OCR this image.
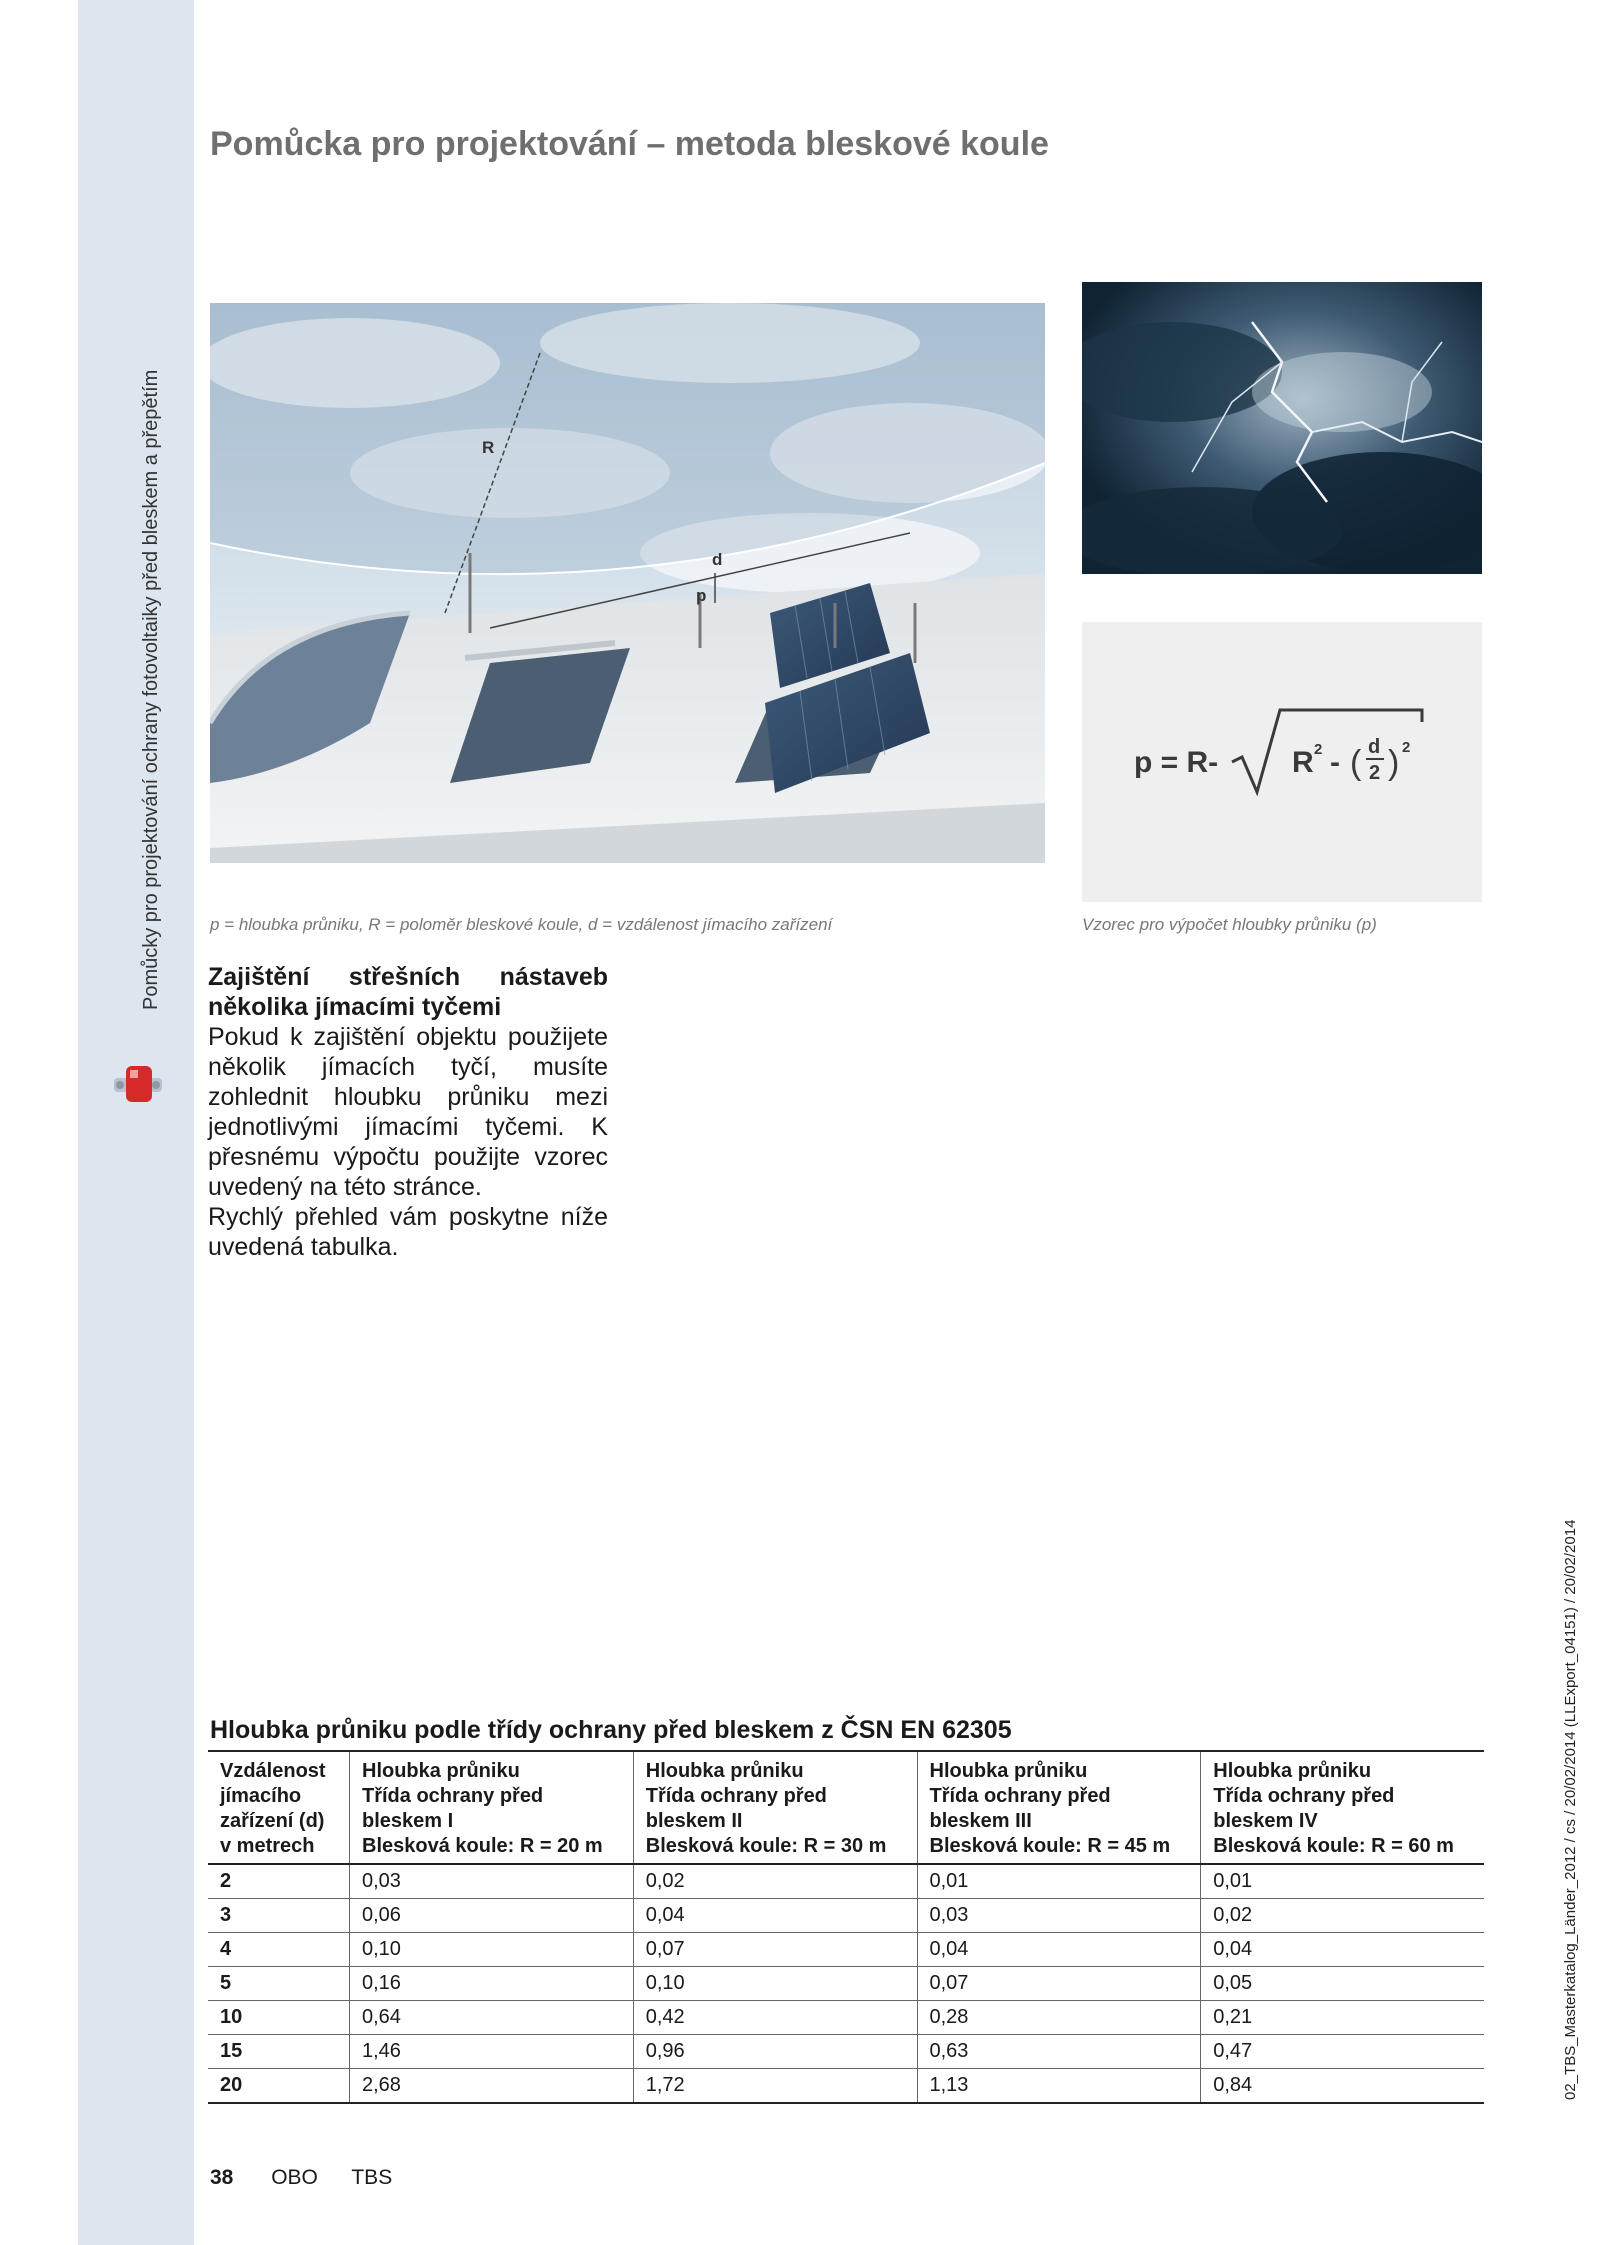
Pomůcky pro projektování ochrany fotovoltaiky před bleskem a přepětím
Pomůcka pro projektování – metoda bleskové koule
R
d
p
p = R- R 2 - ( d
2 ) 2
p = hloubka průniku, R = poloměr bleskové koule, d = vzdálenost jímacího zařízení	Vzorec pro výpočet hloubky průniku (p)

Zajištění střešních nástaveb několika jímacími tyčemi

Pokud k zajištění objektu použijete několik jímacích tyčí, musíte zohlednit hloubku průniku mezi jednotlivými jímacími tyčemi. K přesnému výpočtu použijte vzorec uvedený na této stránce.

Rychlý přehled vám poskytne níže uvedená tabulka.

Hloubka průniku podle třídy ochrany před bleskem z ČSN EN 62305
Vzdálenost
jímacího
zařízení (d)
v metrech	Hloubka průniku
Třída ochrany před
bleskem I
Blesková koule: R = 20 m	Hloubka průniku
Třída ochrany před
bleskem II
Blesková koule: R = 30 m	Hloubka průniku
Třída ochrany před
bleskem III
Blesková koule: R = 45 m	Hloubka průniku
Třída ochrany před
bleskem IV
Blesková koule: R = 60 m
2	0,03	0,02	0,01	0,01
3	0,06	0,04	0,03	0,02
4	0,10	0,07	0,04	0,04
5	0,16	0,10	0,07	0,05
10	0,64	0,42	0,28	0,21
15	1,46	0,96	0,63	0,47
20	2,68	1,72	1,13	0,84
38 OBO TBS
02_TBS_Masterkatalog_Länder_2012 / cs / 20/02/2014 (LLExport_04151) / 20/02/2014
